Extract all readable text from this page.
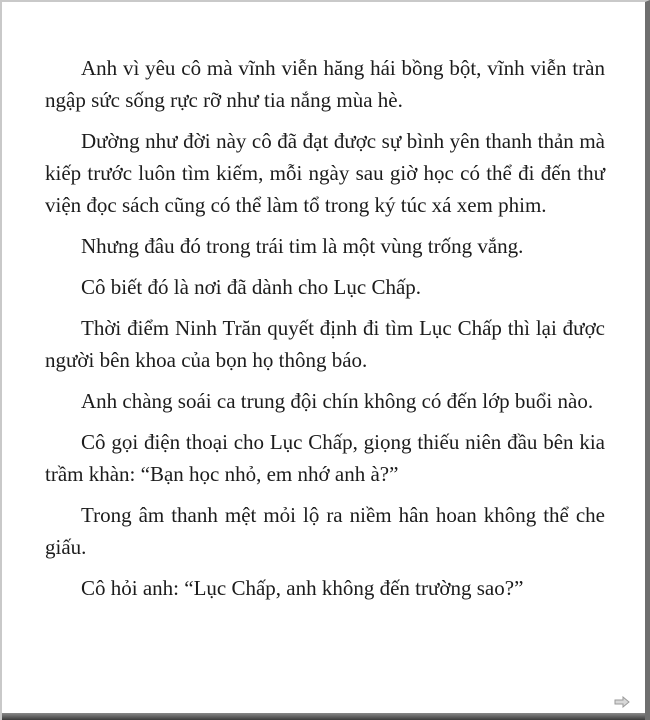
Anh vì yêu cô mà vĩnh viễn hăng hái bồng bột, vĩnh viễn tràn ngập sức sống rực rỡ như tia nắng mùa hè.

Dường như đời này cô đã đạt được sự bình yên thanh thản mà kiếp trước luôn tìm kiếm, mỗi ngày sau giờ học có thể đi đến thư viện đọc sách cũng có thể làm tổ trong ký túc xá xem phim.

Nhưng đâu đó trong trái tim là một vùng trống vắng.

Cô biết đó là nơi đã dành cho Lục Chấp.

Thời điểm Ninh Trăn quyết định đi tìm Lục Chấp thì lại được người bên khoa của bọn họ thông báo.

Anh chàng soái ca trung đội chín không có đến lớp buổi nào.

Cô gọi điện thoại cho Lục Chấp, giọng thiếu niên đầu bên kia trầm khàn: “Bạn học nhỏ, em nhớ anh à?”

Trong âm thanh mệt mỏi lộ ra niềm hân hoan không thể che giấu.

Cô hỏi anh: “Lục Chấp, anh không đến trường sao?”
